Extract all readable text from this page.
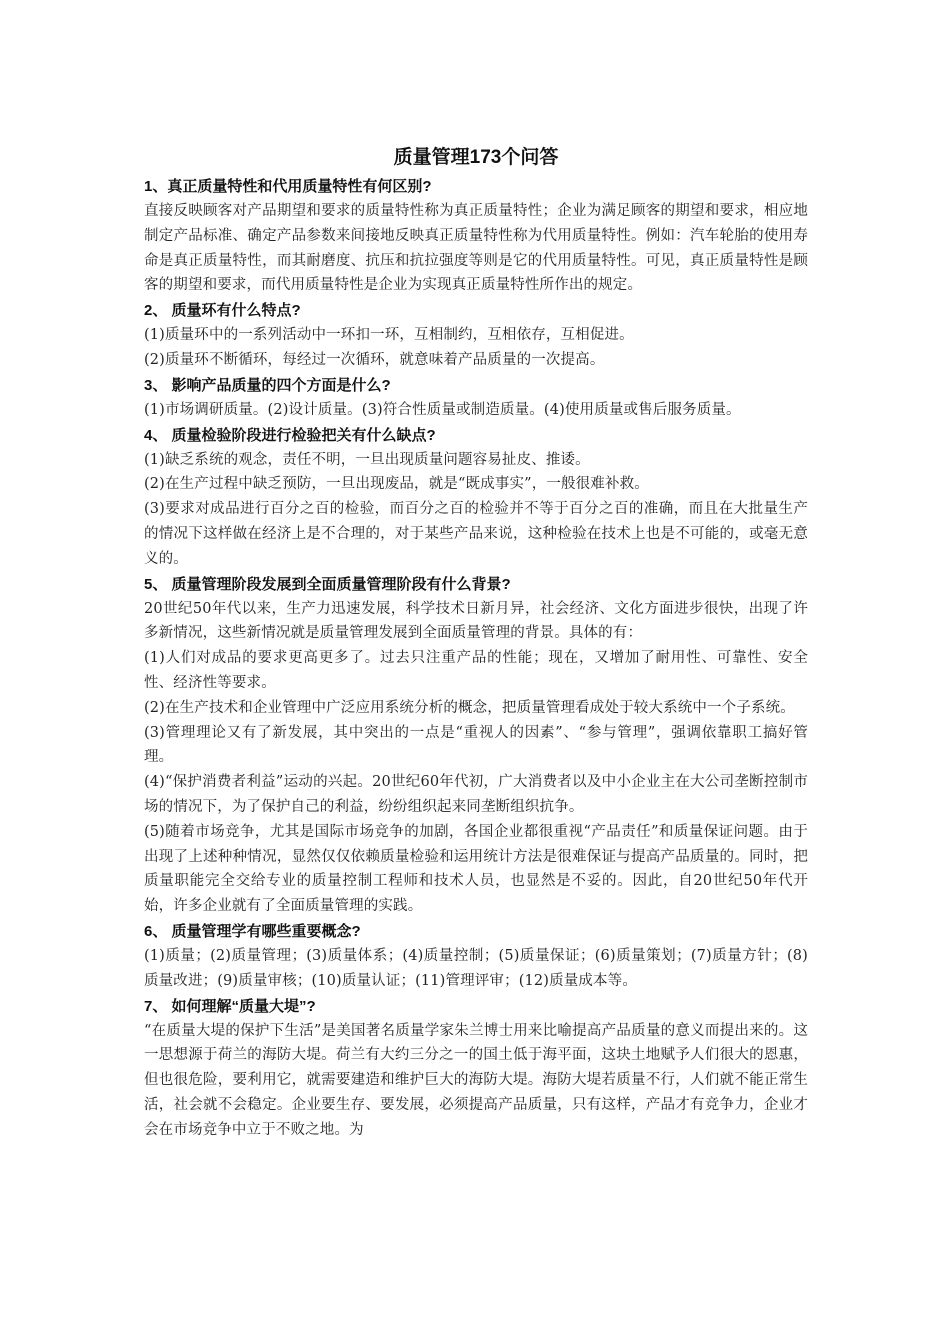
质量管理173个问答

1、真正质量特性和代用质量特性有何区别?

直接反映顾客对产品期望和要求的质量特性称为真正质量特性；企业为满足顾客的期望和要求，相应地制定产品标准、确定产品参数来间接地反映真正质量特性称为代用质量特性。例如：汽车轮胎的使用寿命是真正质量特性，而其耐磨度、抗压和抗拉强度等则是它的代用质量特性。可见，真正质量特性是顾客的期望和要求，而代用质量特性是企业为实现真正质量特性所作出的规定。

2、 质量环有什么特点?

(1)质量环中的一系列活动中一环扣一环，互相制约，互相依存，互相促进。

(2)质量环不断循环，每经过一次循环，就意味着产品质量的一次提高。

3、 影响产品质量的四个方面是什么?

(1)市场调研质量。(2)设计质量。(3)符合性质量或制造质量。(4)使用质量或售后服务质量。

4、 质量检验阶段进行检验把关有什么缺点?

(1)缺乏系统的观念，责任不明，一旦出现质量问题容易扯皮、推诿。

(2)在生产过程中缺乏预防，一旦出现废品，就是“既成事实”，一般很难补救。

(3)要求对成品进行百分之百的检验，而百分之百的检验并不等于百分之百的准确，而且在大批量生产的情况下这样做在经济上是不合理的，对于某些产品来说，这种检验在技术上也是不可能的，或毫无意义的。

5、 质量管理阶段发展到全面质量管理阶段有什么背景?

20世纪50年代以来，生产力迅速发展，科学技术日新月异，社会经济、文化方面进步很快，出现了许多新情况，这些新情况就是质量管理发展到全面质量管理的背景。具体的有：

(1)人们对成品的要求更高更多了。过去只注重产品的性能；现在，又增加了耐用性、可靠性、安全性、经济性等要求。

(2)在生产技术和企业管理中广泛应用系统分析的概念，把质量管理看成处于较大系统中一个子系统。

(3)管理理论又有了新发展，其中突出的一点是“重视人的因素”、“参与管理”，强调依靠职工搞好管理。

(4)“保护消费者利益”运动的兴起。20世纪60年代初，广大消费者以及中小企业主在大公司垄断控制市场的情况下，为了保护自己的利益，纷纷组织起来同垄断组织抗争。

(5)随着市场竞争，尤其是国际市场竞争的加剧，各国企业都很重视“产品责任”和质量保证问题。由于出现了上述种种情况，显然仅仅依赖质量检验和运用统计方法是很难保证与提高产品质量的。同时，把质量职能完全交给专业的质量控制工程师和技术人员，也显然是不妥的。因此，自20世纪50年代开始，许多企业就有了全面质量管理的实践。

6、 质量管理学有哪些重要概念?

(1)质量；(2)质量管理；(3)质量体系；(4)质量控制；(5)质量保证；(6)质量策划；(7)质量方针；(8)质量改进；(9)质量审核；(10)质量认证；(11)管理评审；(12)质量成本等。

7、 如何理解“质量大堤”?

“在质量大堤的保护下生活”是美国著名质量学家朱兰博士用来比喻提高产品质量的意义而提出来的。这一思想源于荷兰的海防大堤。荷兰有大约三分之一的国土低于海平面，这块土地赋予人们很大的恩惠，但也很危险，要利用它，就需要建造和维护巨大的海防大堤。海防大堤若质量不行，人们就不能正常生活，社会就不会稳定。企业要生存、要发展，必须提高产品质量，只有这样，产品才有竞争力，企业才会在市场竞争中立于不败之地。为
